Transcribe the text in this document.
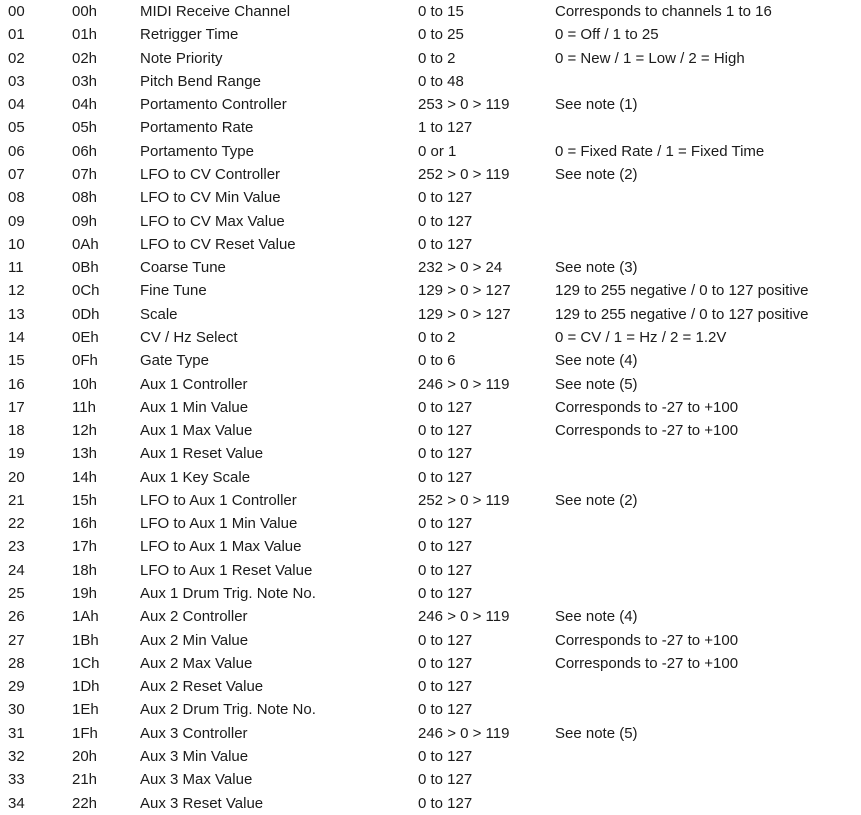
00	00h	MIDI Receive Channel	0 to 15	Corresponds to channels 1 to 16
01	01h	Retrigger Time	0 to 25	0 = Off / 1 to 25
02	02h	Note Priority	0 to 2	0 = New / 1 = Low / 2 = High
03	03h	Pitch Bend Range	0 to 48	
04	04h	Portamento Controller	253 > 0 > 119	See note (1)
05	05h	Portamento Rate	1 to 127	
06	06h	Portamento Type	0 or 1	0 = Fixed Rate / 1 = Fixed Time
07	07h	LFO to CV Controller	252 > 0 > 119	See note (2)
08	08h	LFO to CV Min Value	0 to 127	
09	09h	LFO to CV Max Value	0 to 127	
10	0Ah	LFO to CV Reset Value	0 to 127	
11	0Bh	Coarse Tune	232 > 0 > 24	See note (3)
12	0Ch	Fine Tune	129 > 0 > 127	129 to 255 negative / 0 to 127 positive
13	0Dh	Scale	129 > 0 > 127	129 to 255 negative / 0 to 127 positive
14	0Eh	CV / Hz Select	0 to 2	0 = CV / 1 = Hz / 2 = 1.2V
15	0Fh	Gate Type	0 to 6	See note (4)
16	10h	Aux 1 Controller	246 > 0 > 119	See note (5)
17	11h	Aux 1 Min Value	0 to 127	Corresponds to -27 to +100
18	12h	Aux 1 Max Value	0 to 127	Corresponds to -27 to +100
19	13h	Aux 1 Reset Value	0 to 127	
20	14h	Aux 1 Key Scale	0 to 127	
21	15h	LFO to Aux 1 Controller	252 > 0 > 119	See note (2)
22	16h	LFO to Aux 1 Min Value	0 to 127	
23	17h	LFO to Aux 1 Max Value	0 to 127	
24	18h	LFO to Aux 1 Reset Value	0 to 127	
25	19h	Aux 1 Drum Trig. Note No.	0 to 127	
26	1Ah	Aux 2 Controller	246 > 0 > 119	See note (4)
27	1Bh	Aux 2 Min Value	0 to 127	Corresponds to -27 to +100
28	1Ch	Aux 2 Max Value	0 to 127	Corresponds to -27 to +100
29	1Dh	Aux 2 Reset Value	0 to 127	
30	1Eh	Aux 2 Drum Trig. Note No.	0 to 127	
31	1Fh	Aux 3 Controller	246 > 0 > 119	See note (5)
32	20h	Aux 3 Min Value	0 to 127	
33	21h	Aux 3 Max Value	0 to 127	
34	22h	Aux 3 Reset Value	0 to 127	
